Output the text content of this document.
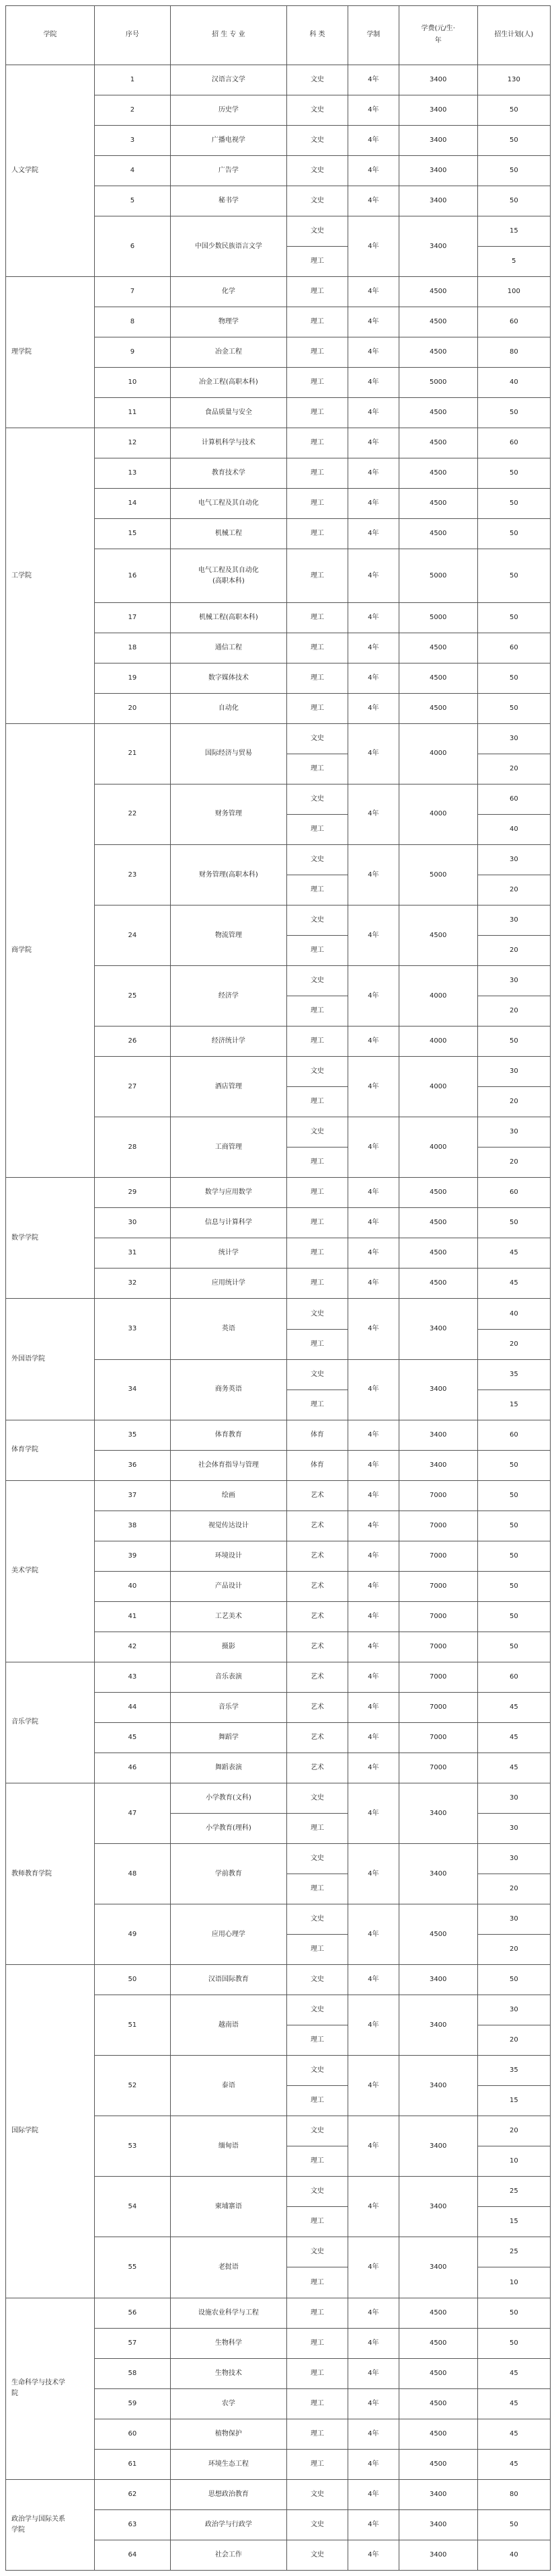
学院	序号	招 生 专 业	科 类	学制	学费(元/生·
年	招生计划(人)
人文学院	1	汉语言文学	文史	4年	3400	130
	2	历史学	文史	4年	3400	50
	3	广播电视学	文史	4年	3400	50
	4	广告学	文史	4年	3400	50
	5	秘书学	文史	4年	3400	50
	6	中国少数民族语言文学	文史	4年	3400	15
			理工			5
理学院	7	化学	理工	4年	4500	100
	8	物理学	理工	4年	4500	60
	9	冶金工程	理工	4年	4500	80
	10	冶金工程(高职本科)	理工	4年	5000	40
	11	食品质量与安全	理工	4年	4500	50
工学院	12	计算机科学与技术	理工	4年	4500	60
	13	教育技术学	理工	4年	4500	50
	14	电气工程及其自动化	理工	4年	4500	50
	15	机械工程	理工	4年	4500	50
	16	电气工程及其自动化
(高职本科)	理工	4年	5000	50
	17	机械工程(高职本科)	理工	4年	5000	50
	18	通信工程	理工	4年	4500	60
	19	数字媒体技术	理工	4年	4500	50
	20	自动化	理工	4年	4500	50
商学院	21	国际经济与贸易	文史	4年	4000	30
			理工			20
	22	财务管理	文史	4年	4000	60
			理工			40
	23	财务管理(高职本科)	文史	4年	5000	30
			理工			20
	24	物流管理	文史	4年	4500	30
			理工			20
	25	经济学	文史	4年	4000	30
			理工			20
	26	经济统计学	理工	4年	4000	50
	27	酒店管理	文史	4年	4000	30
			理工			20
	28	工商管理	文史	4年	4000	30
			理工			20
数学学院	29	数学与应用数学	理工	4年	4500	60
	30	信息与计算科学	理工	4年	4500	50
	31	统计学	理工	4年	4500	45
	32	应用统计学	理工	4年	4500	45
外国语学院	33	英语	文史	4年	3400	40
			理工			20
	34	商务英语	文史	4年	3400	35
			理工			15
体育学院	35	体育教育	体育	4年	3400	60
	36	社会体育指导与管理	体育	4年	3400	50
美术学院	37	绘画	艺术	4年	7000	50
	38	视觉传达设计	艺术	4年	7000	50
	39	环境设计	艺术	4年	7000	50
	40	产品设计	艺术	4年	7000	50
	41	工艺美术	艺术	4年	7000	50
	42	摄影	艺术	4年	7000	50
音乐学院	43	音乐表演	艺术	4年	7000	60
	44	音乐学	艺术	4年	7000	45
	45	舞蹈学	艺术	4年	7000	45
	46	舞蹈表演	艺术	4年	7000	45
教师教育学院	47	小学教育(文科)	文史	4年	3400	30
		小学教育(理科)	理工			30
	48	学前教育	文史	4年	3400	30
			理工			20
	49	应用心理学	文史	4年	4500	30
			理工			20
国际学院	50	汉语国际教育	文史	4年	3400	50
	51	越南语	文史	4年	3400	30
			理工			20
	52	泰语	文史	4年	3400	35
			理工			15
	53	缅甸语	文史	4年	3400	20
			理工			10
	54	柬埔寨语	文史	4年	3400	25
			理工			15
	55	老挝语	文史	4年	3400	25
			理工			10

生命科学与技术学
院	56	设施农业科学与工程	理工	4年	4500	50
	57	生物科学	理工	4年	4500	50
	58	生物技术	理工	4年	4500	45
	59	农学	理工	4年	4500	45
	60	植物保护	理工	4年	4500	45
	61	环境生态工程	理工	4年	4500	45

政治学与国际关系
学院	62	思想政治教育	文史	4年	3400	80
	63	政治学与行政学	文史	4年	3400	50
	64	社会工作	文史	4年	3400	40
